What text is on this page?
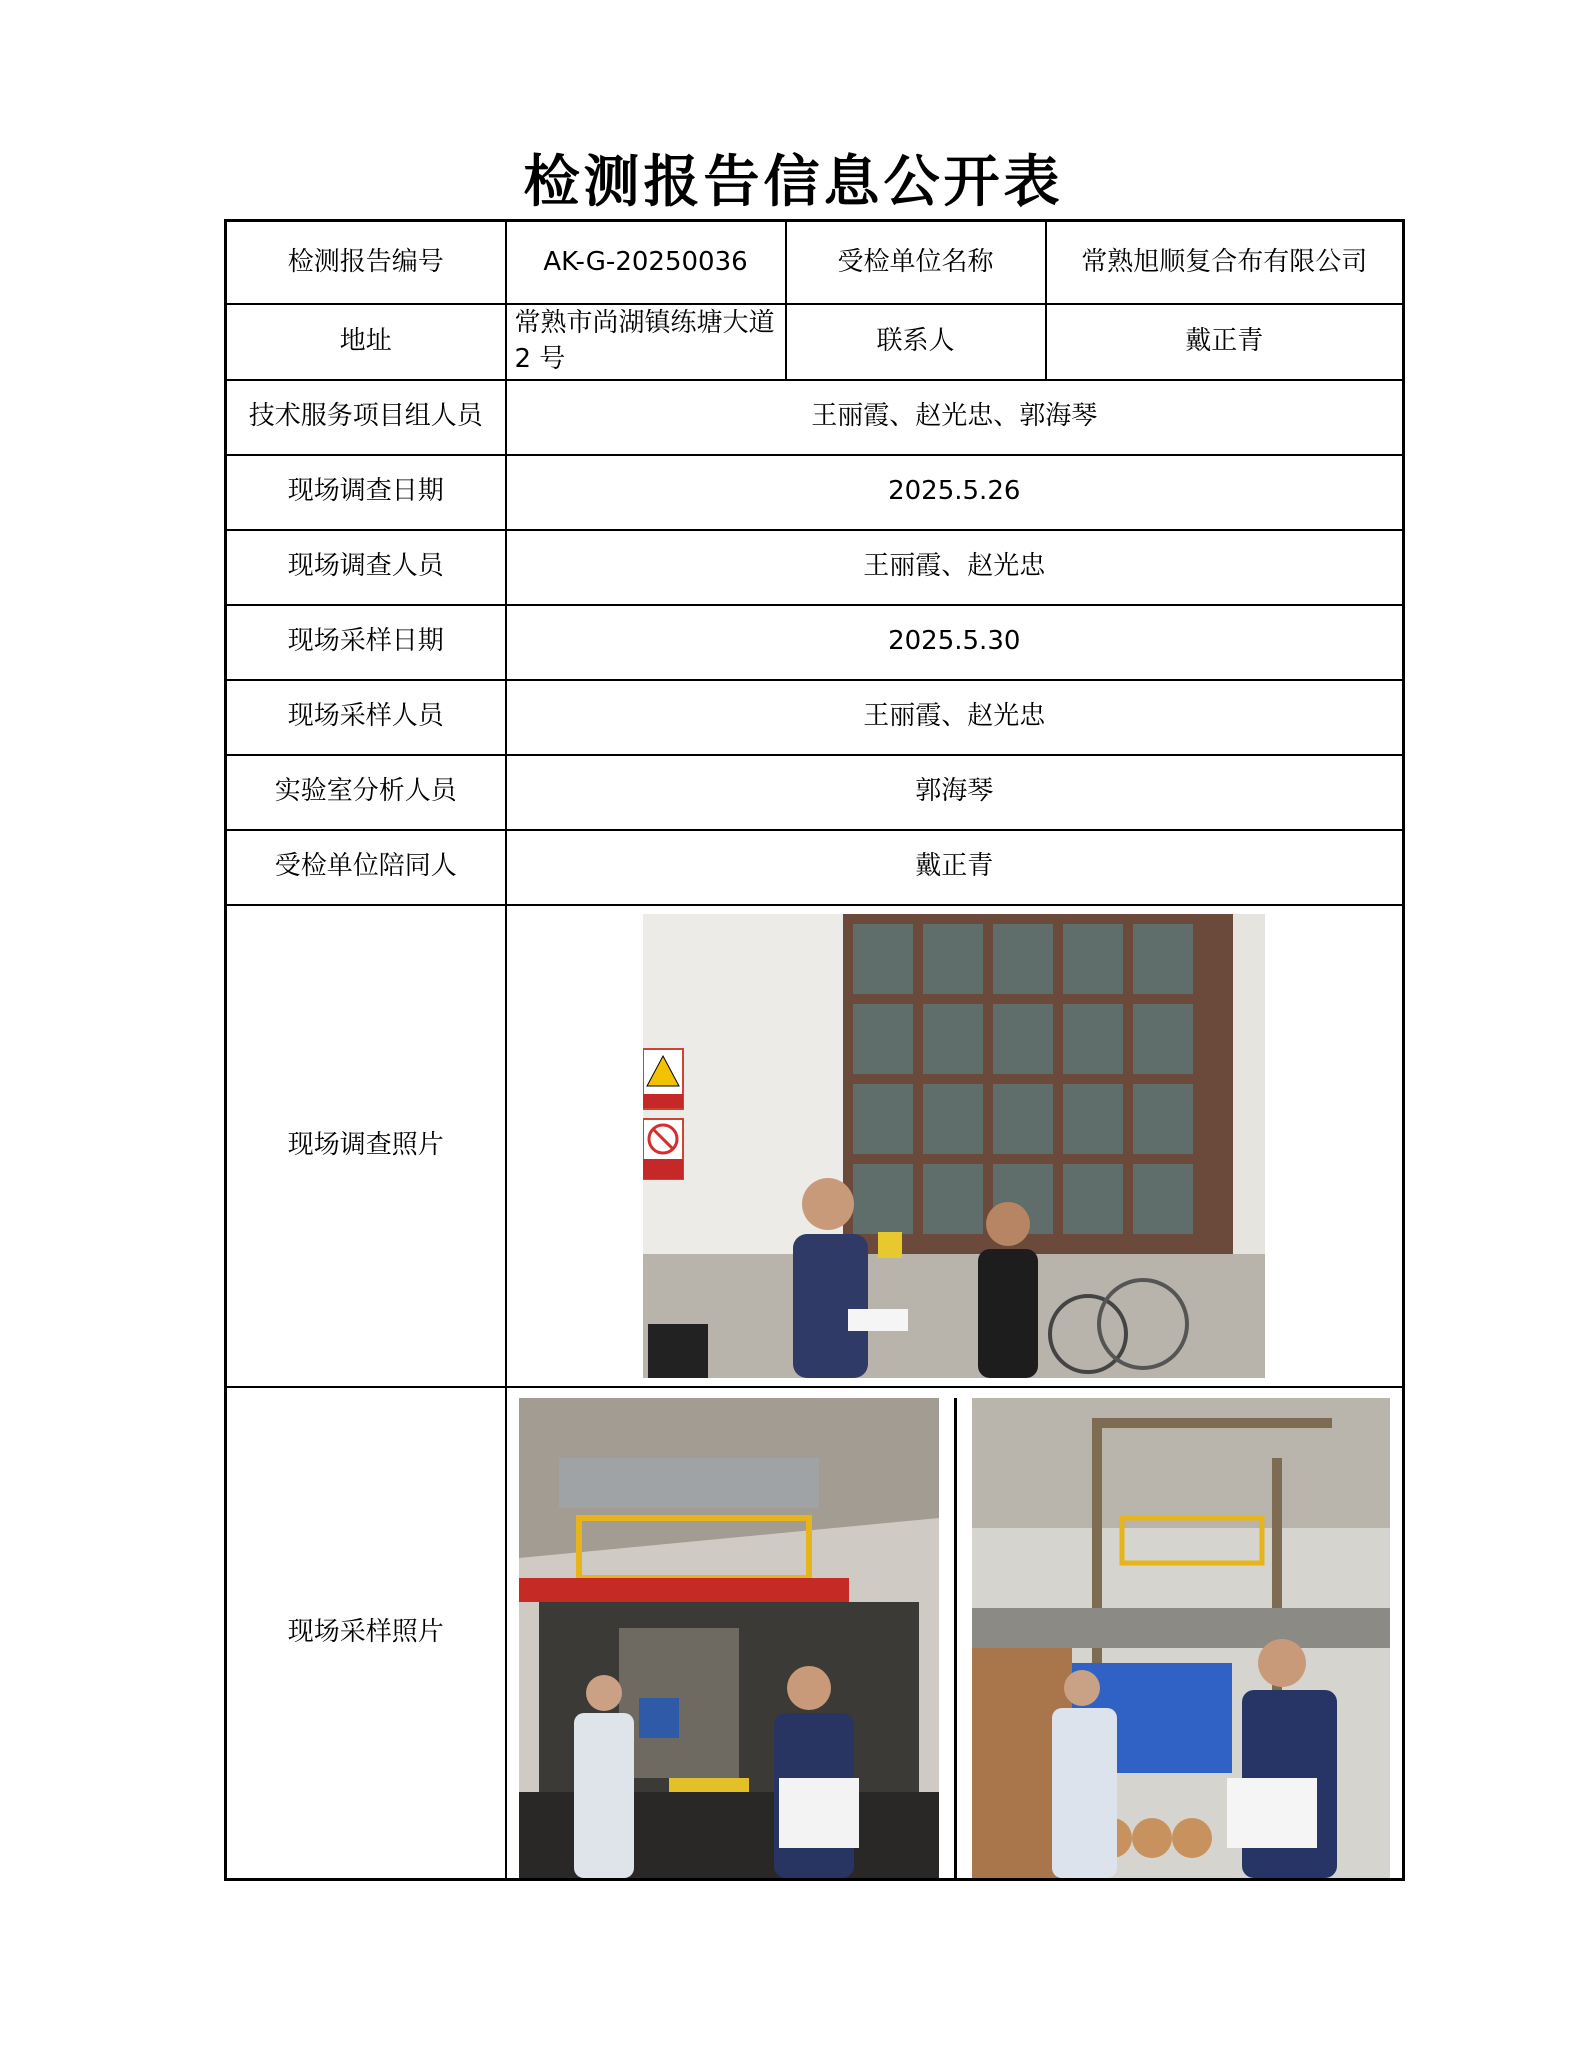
检测报告信息公开表
检测报告编号	AK-G-20250036	受检单位名称	常熟旭顺复合布有限公司
地址	常熟市尚湖镇练塘大道 2 号	联系人	戴正青
技术服务项目组人员	王丽霞、赵光忠、郭海琴		
现场调查日期	2025.5.26		
现场调查人员	王丽霞、赵光忠		
现场采样日期	2025.5.30		
现场采样人员	王丽霞、赵光忠		
实验室分析人员	郭海琴		
受检单位陪同人	戴正青		
现场调查照片	

现场采样照片	
